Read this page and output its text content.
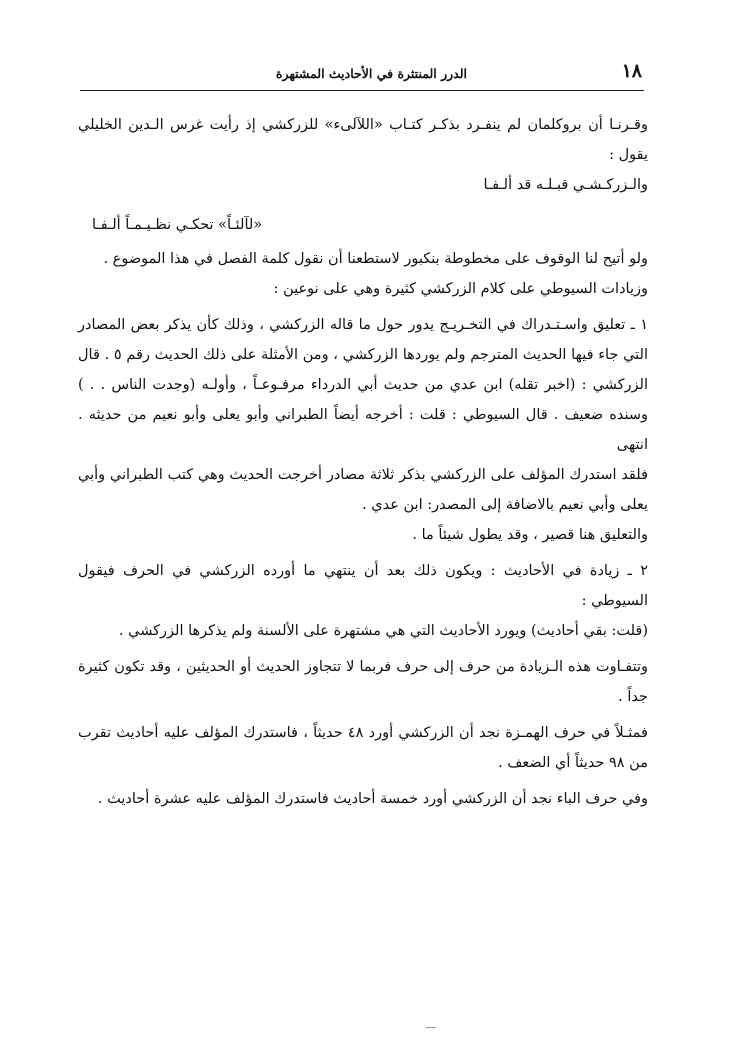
١٨
الدرر المنتثرة في الأحاديث المشتهرة

وقـرنـا أن بروكلمان لم ينفـرد بذكـر كتـاب «اللآلىء» للزركشي إذ رأيت غرس الـدين الخليلي يقول :

والـزركـشـي قبـلـه قد ألـفـا

«لآلئـاً» تحكـي نظـيـمـاً ألـفـا

ولو أتيح لنا الوقوف على مخطوطة بنكبور لاستطعنا أن نقول كلمة الفصل في هذا الموضوع .

وزيادات السيوطي على كلام الزركشي كثيرة وهي على نوعين :

١ ـ تعليق واسـتـدراك في التخـريـج يدور حول ما قاله الزركشي ، وذلك كأن يذكر بعض المصادر التي جاء فيها الحديث المترجم ولم يوردها الزركشي ، ومن الأمثلة على ذلك الحديث رقم ٥ . قال الزركشي : (اخبر تقله) ابن عدي من حديث أبي الدرداء مرفـوعـاً ، وأولـه (وجدت الناس . . ) وسنده ضعيف . قال السيوطي : قلت : أخرجه أيضاً الطبراني وأبو يعلى وأبو نعيم من حديثه . انتهى

فلقد استدرك المؤلف على الزركشي بذكر ثلاثة مصادر أخرجت الحديث وهي كتب الطبراني وأبي يعلى وأبي نعيم بالاضافة إلى المصدر: ابن عدي .

والتعليق هنا قصير ، وقد يطول شيئاً ما .

٢ ـ زيادة في الأحاديث : ويكون ذلك بعد أن ينتهي ما أورده الزركشي في الحرف فيقول السيوطي :

(قلت: بقي أحاديث) ويورد الأحاديث التي هي مشتهرة على الألسنة ولم يذكرها الزركشي .

وتتفـاوت هذه الـزيادة من حرف إلى حرف فربما لا تتجاوز الحديث أو الحديثين ، وقد تكون كثيرة جداً .

فمثـلاً في حرف الهمـزة نجد أن الزركشي أورد ٤٨ حديثاً ، فاستدرك المؤلف عليه أحاديث تقرب من ٩٨ حديثاً أي الضعف .

وفي حرف الباء نجد أن الزركشي أورد خمسة أحاديث فاستدرك المؤلف عليه عشرة أحاديث .
